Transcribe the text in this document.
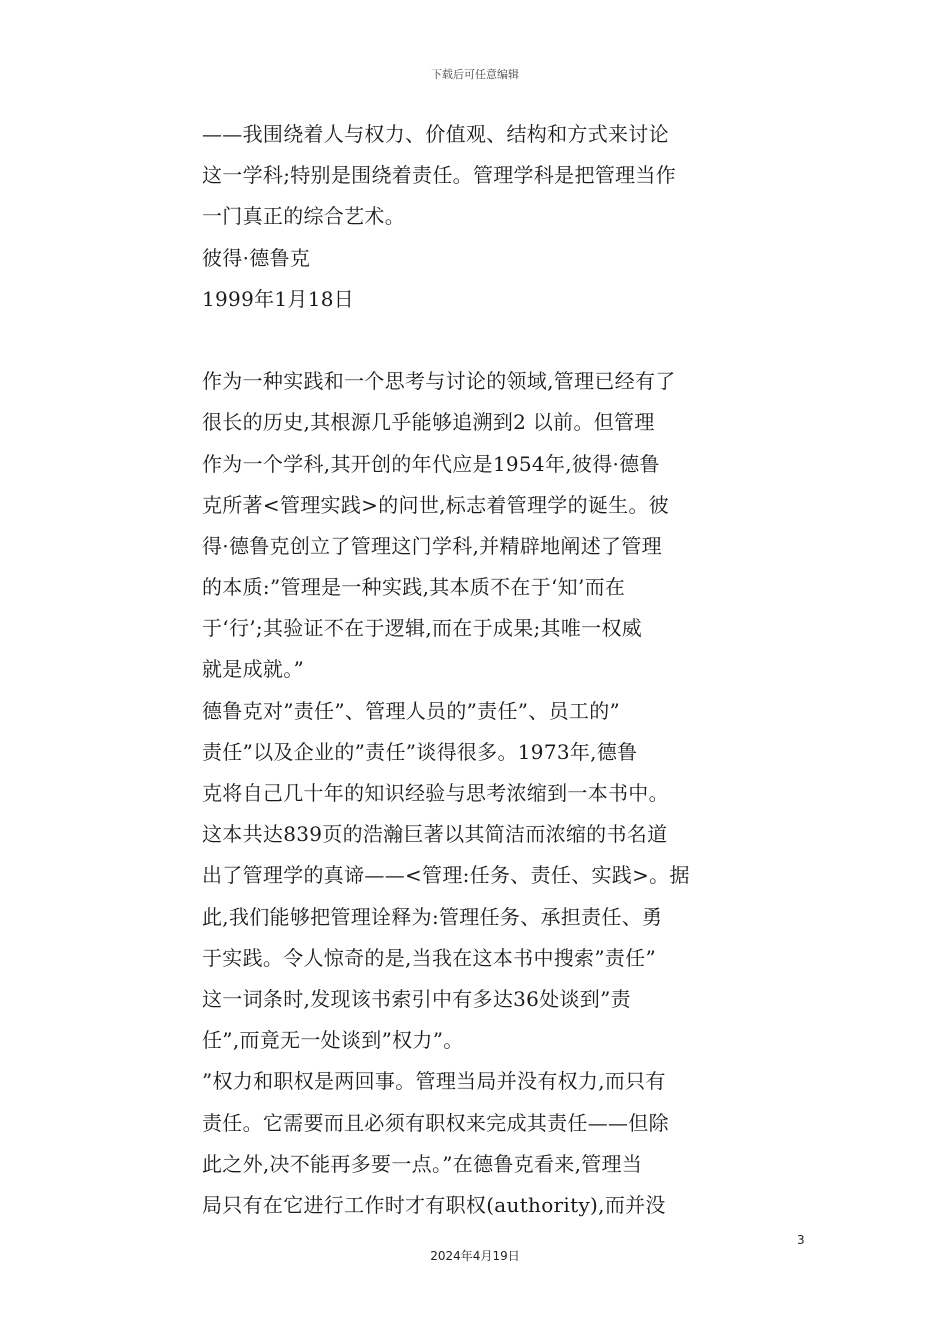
下载后可任意编辑
——我围绕着人与权力、价值观、结构和方式来讨论
这一学科;特别是围绕着责任。管理学科是把管理当作
一门真正的综合艺术。
彼得·德鲁克
1999年1月18日
作为一种实践和一个思考与讨论的领域,管理已经有了
很长的历史,其根源几乎能够追溯到2 以前。但管理
作为一个学科,其开创的年代应是1954年,彼得·德鲁
克所著<管理实践>的问世,标志着管理学的诞生。彼
得·德鲁克创立了管理这门学科,并精辟地阐述了管理
的本质:”管理是一种实践,其本质不在于‘知’而在
于‘行’;其验证不在于逻辑,而在于成果;其唯一权威
就是成就。”
德鲁克对”责任”、管理人员的”责任”、员工的”
责任”以及企业的”责任”谈得很多。1973年,德鲁
克将自己几十年的知识经验与思考浓缩到一本书中。
这本共达839页的浩瀚巨著以其简洁而浓缩的书名道
出了管理学的真谛——<管理:任务、责任、实践>。据
此,我们能够把管理诠释为:管理任务、承担责任、勇
于实践。令人惊奇的是,当我在这本书中搜索”责任”
这一词条时,发现该书索引中有多达36处谈到”责
任”,而竟无一处谈到”权力”。
”权力和职权是两回事。管理当局并没有权力,而只有
责任。它需要而且必须有职权来完成其责任——但除
此之外,决不能再多要一点。”在德鲁克看来,管理当
局只有在它进行工作时才有职权(authority),而并没
3
2024年4月19日
